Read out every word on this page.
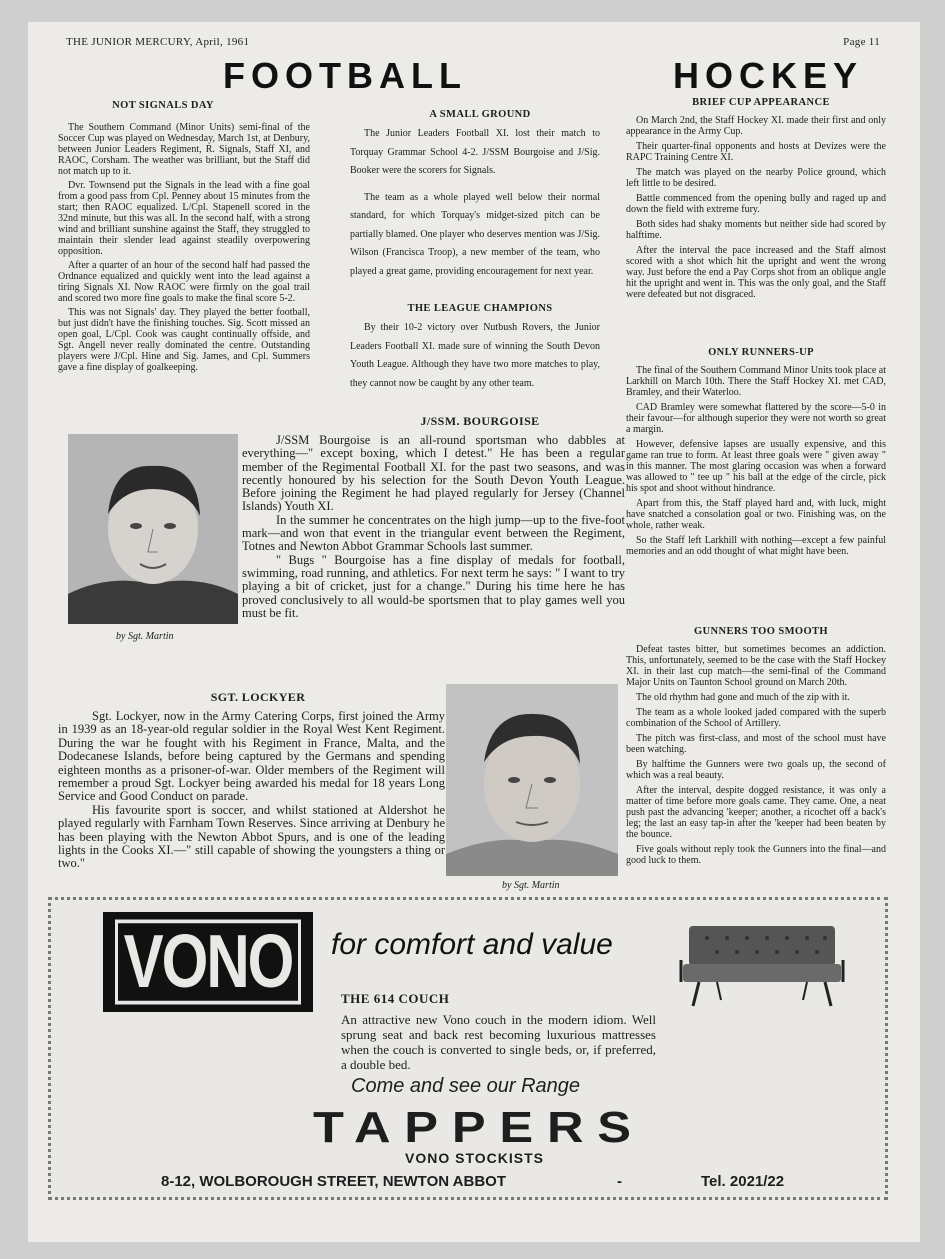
THE JUNIOR MERCURY, April, 1961	Page 11
FOOTBALL	HOCKEY
NOT SIGNALS DAY

The Southern Command (Minor Units) semi-final of the Soccer Cup was played on Wednesday, March 1st, at Denbury, between Junior Leaders Regiment, R. Signals, Staff XI, and RAOC, Corsham. The weather was brilliant, but the Staff did not match up to it.

Dvr. Townsend put the Signals in the lead with a fine goal from a good pass from Cpl. Penney about 15 minutes from the start; then RAOC equalized. L/Cpl. Stapenell scored in the 32nd minute, but this was all. In the second half, with a strong wind and brilliant sunshine against the Staff, they struggled to maintain their slender lead against steadily overpowering opposition.

After a quarter of an hour of the second half had passed the Ordnance equalized and quickly went into the lead against a tiring Signals XI. Now RAOC were firmly on the goal trail and scored two more fine goals to make the final score 5-2.

This was not Signals' day. They played the better football, but just didn't have the finishing touches. Sig. Scott missed an open goal, L/Cpl. Cook was caught continually offside, and Sgt. Angell never really dominated the centre. Outstanding players were J/Cpl. Hine and Sig. James, and Cpl. Summers gave a fine display of goalkeeping.

A SMALL GROUND

The Junior Leaders Football XI. lost their match to Torquay Grammar School 4-2. J/SSM Bourgoise and J/Sig. Booker were the scorers for Signals.

The team as a whole played well below their normal standard, for which Torquay's midget-sized pitch can be partially blamed. One player who deserves mention was J/Sig. Wilson (Francisca Troop), a new member of the team, who played a great game, providing encouragement for next year.

THE LEAGUE CHAMPIONS

By their 10-2 victory over Nutbush Rovers, the Junior Leaders Football XI. made sure of winning the South Devon Youth League. Although they have two more matches to play, they cannot now be caught by any other team.

J/SSM. BOURGOISE
by Sgt. Martin

J/SSM Bourgoise is an all-round sportsman who dabbles at everything—" except boxing, which I detest." He has been a regular member of the Regimental Football XI. for the past two seasons, and was recently honoured by his selection for the South Devon Youth League. Before joining the Regiment he had played regularly for Jersey (Channel Islands) Youth XI.

In the summer he concentrates on the high jump—up to the five-foot mark—and won that event in the triangular event between the Regiment, Totnes and Newton Abbot Grammar Schools last summer.

" Bugs " Bourgoise has a fine display of medals for football, swimming, road running, and athletics. For next term he says: " I want to try playing a bit of cricket, just for a change." During his time here he has proved conclusively to all would-be sportsmen that to play games well you must be fit.

SGT. LOCKYER

Sgt. Lockyer, now in the Army Catering Corps, first joined the Army in 1939 as an 18-year-old regular soldier in the Royal West Kent Regiment. During the war he fought with his Regiment in France, Malta, and the Dodecanese Islands, before being captured by the Germans and spending eighteen months as a prisoner-of-war. Older members of the Regiment will remember a proud Sgt. Lockyer being awarded his medal for 18 years Long Service and Good Conduct on parade.

His favourite sport is soccer, and whilst stationed at Aldershot he played regularly with Farnham Town Reserves. Since arriving at Denbury he has been playing with the Newton Abbot Spurs, and is one of the leading lights in the Cooks XI.—" still capable of showing the youngsters a thing or two."

by Sgt. Martin
BRIEF CUP APPEARANCE

On March 2nd, the Staff Hockey XI. made their first and only appearance in the Army Cup.

Their quarter-final opponents and hosts at Devizes were the RAPC Training Centre XI.

The match was played on the nearby Police ground, which left little to be desired.

Battle commenced from the opening bully and raged up and down the field with extreme fury.

Both sides had shaky moments but neither side had scored by halftime.

After the interval the pace increased and the Staff almost scored with a shot which hit the upright and went the wrong way. Just before the end a Pay Corps shot from an oblique angle hit the upright and went in. This was the only goal, and the Staff were defeated but not disgraced.

ONLY RUNNERS-UP

The final of the Southern Command Minor Units took place at Larkhill on March 10th. There the Staff Hockey XI. met CAD, Bramley, and their Waterloo.

CAD Bramley were somewhat flattered by the score—5-0 in their favour—for although superior they were not worth so great a margin.

However, defensive lapses are usually expensive, and this game ran true to form. At least three goals were " given away " in this manner. The most glaring occasion was when a forward was allowed to " tee up " his ball at the edge of the circle, pick his spot and shoot without hindrance.

Apart from this, the Staff played hard and, with luck, might have snatched a consolation goal or two. Finishing was, on the whole, rather weak.

So the Staff left Larkhill with nothing—except a few painful memories and an odd thought of what might have been.

GUNNERS TOO SMOOTH

Defeat tastes bitter, but sometimes becomes an addiction. This, unfortunately, seemed to be the case with the Staff Hockey XI. in their last cup match—the semi-final of the Command Major Units on Taunton School ground on March 20th.

The old rhythm had gone and much of the zip with it.

The team as a whole looked jaded compared with the superb combination of the School of Artillery.

The pitch was first-class, and most of the school must have been watching.

By halftime the Gunners were two goals up, the second of which was a real beauty.

After the interval, despite dogged resistance, it was only a matter of time before more goals came. They came. One, a neat push past the advancing 'keeper; another, a ricochet off a back's leg; the last an easy tap-in after the 'keeper had been beaten by the bounce.

Five goals without reply took the Gunners into the final—and good luck to them.

VONO	for comfort and value
THE 614 COUCH
An attractive new Vono couch in the modern idiom. Well sprung seat and back rest becoming luxurious mattresses when the couch is converted to single beds, or, if preferred, a double bed.
Come and see our Range
TAPPERS
VONO STOCKISTS
8-12, WOLBOROUGH STREET, NEWTON ABBOT	-	Tel. 2021/22
